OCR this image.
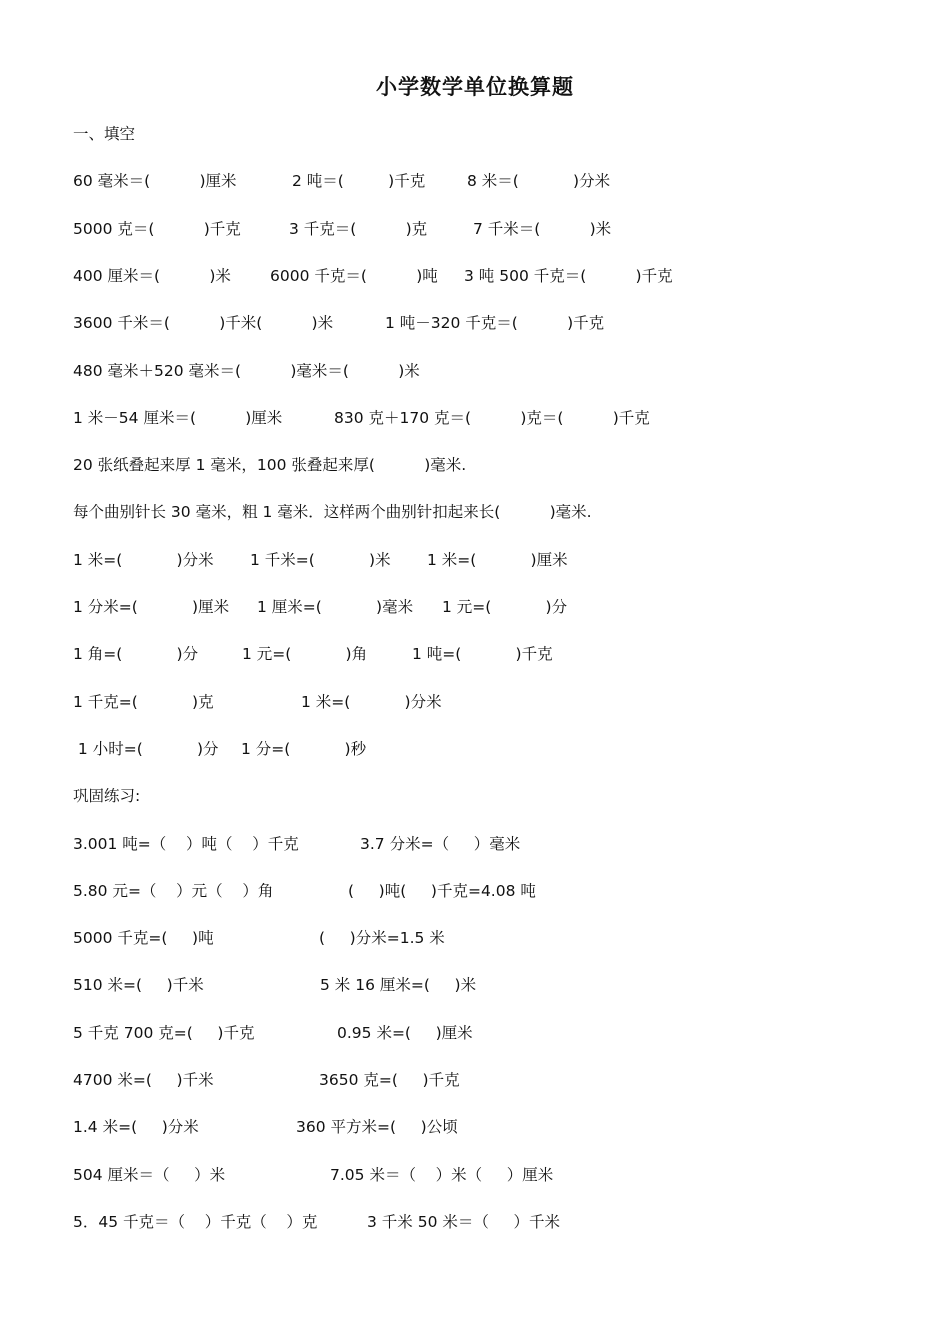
小学数学单位换算题
一、填空
60 毫米＝(          )厘米	2 吨＝(         )千克	8 米＝(           )分米
5000 克＝(          )千克	3 千克＝(          )克	7 千米＝(          )米
400 厘米＝(          )米	6000 千克＝(          )吨 3 吨 500 千克＝(          )千克
3600 千米＝(          )千米(          )米	1 吨－320 千克＝(          )千克
480 毫米＋520 毫米＝(          )毫米＝(          )米
1 米－54 厘米＝(          )厘米	830 克＋170 克＝(          )克＝(          )千克
20 张纸叠起来厚 1 毫米，100 张叠起来厚(          )毫米.
每个曲别针长 30 毫米，粗 1 毫米．这样两个曲别针扣起来长(          )毫米.
1 米=(           )分米 1 千米=(           )米 1 米=(           )厘米
1 分米=(           )厘米 1 厘米=(           )毫米 1 元=(           )分
1 角=(           )分	1 元=(           )角	1 吨=(           )千克
1 千克=(           )克	1 米=(           )分米
1 小时=(           )分 1 分=(           )秒
巩固练习:
3.001 吨=（    ）吨（    ）千克	3.7 分米=（     ）毫米
5.80 元=（    ）元（    ）角	(     )吨(     )千克=4.08 吨
5000 千克=(     )吨	(     )分米=1.5 米
510 米=(     )千米	5 米 16 厘米=(     )米
5 千克 700 克=(     )千克	0.95 米=(     )厘米
4700 米=(     )千米	3650 克=(     )千克
1.4 米=(     )分米	360 平方米=(     )公顷
504 厘米＝（     ）米	7.05 米＝（    ）米（     ）厘米
5．45 千克＝（    ）千克（    ）克	3 千米 50 米＝（     ）千米
